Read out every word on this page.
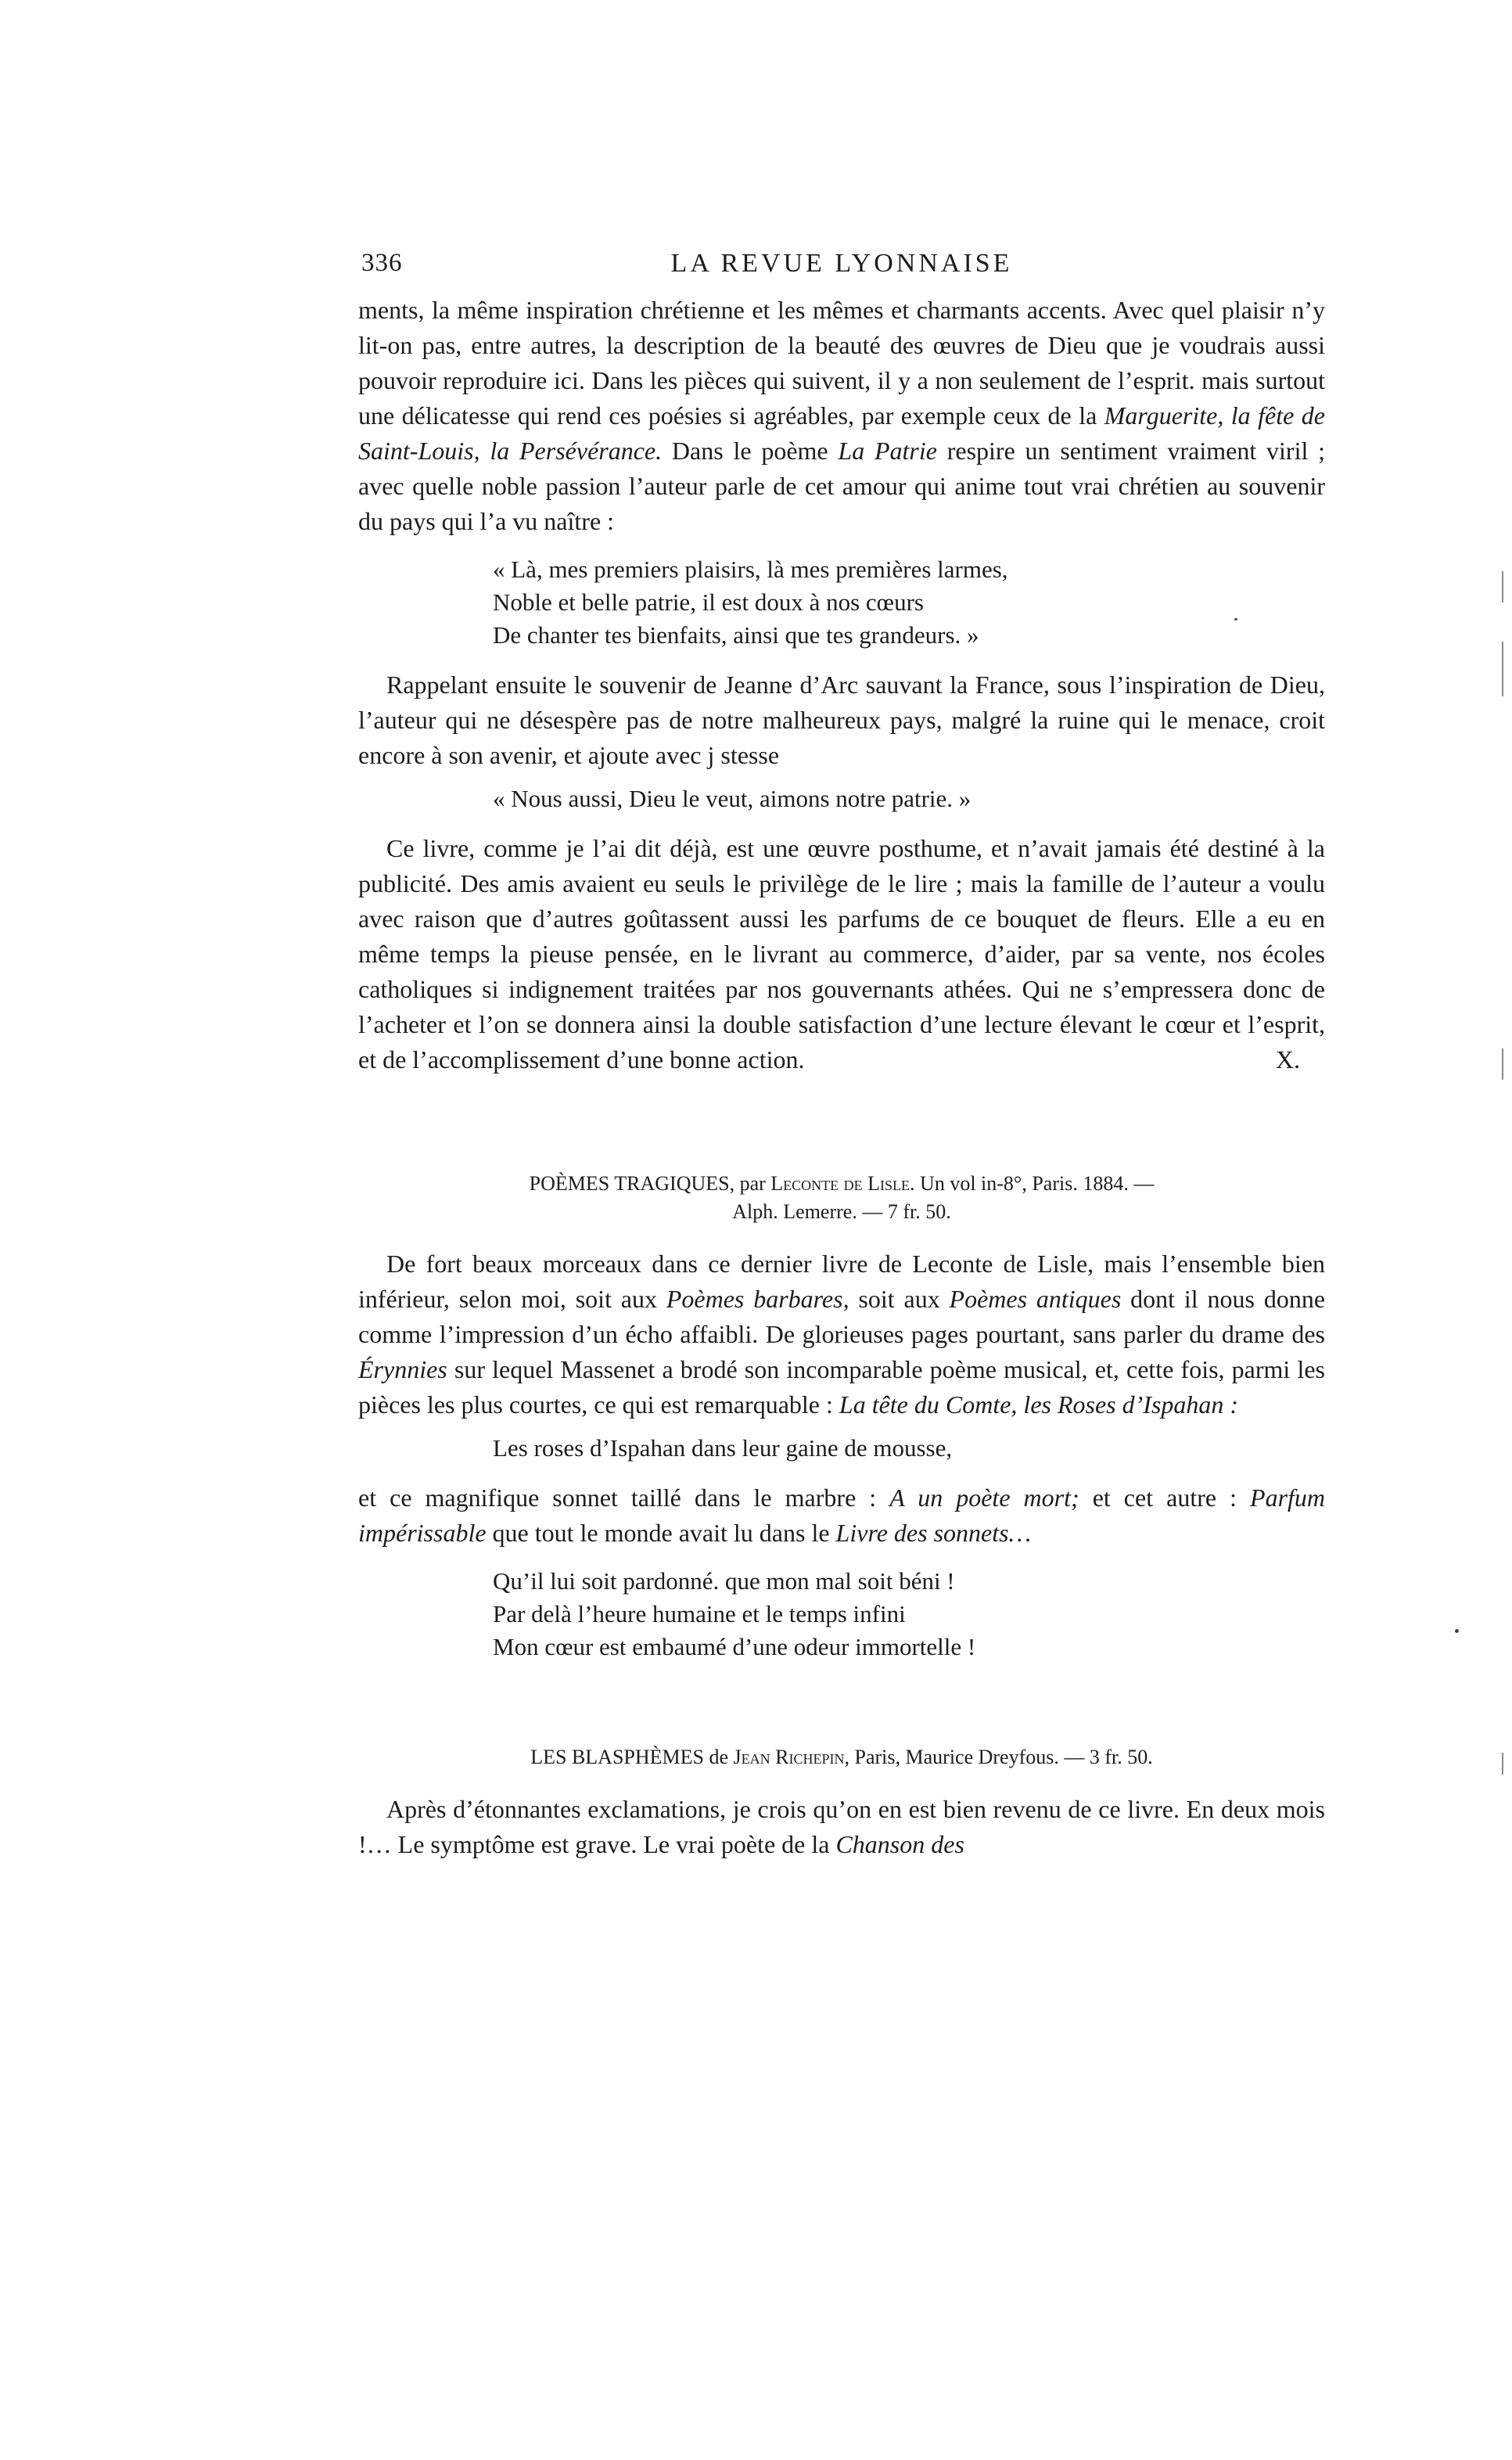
336	LA REVUE LYONNAISE

ments, la même inspiration chrétienne et les mêmes et charmants accents. Avec quel plaisir n’y lit-on pas, entre autres, la description de la beauté des œuvres de Dieu que je voudrais aussi pouvoir reproduire ici. Dans les pièces qui suivent, il y a non seulement de l’esprit. mais surtout une délicatesse qui rend ces poésies si agréables, par exemple ceux de la Marguerite, la fête de Saint-Louis, la Persévérance. Dans le poème La Patrie respire un sentiment vraiment viril ; avec quelle noble passion l’auteur parle de cet amour qui anime tout vrai chrétien au souvenir du pays qui l’a vu naître :

« Là, mes premiers plaisirs, là mes premières larmes,
Noble et belle patrie, il est doux à nos cœurs
De chanter tes bienfaits, ainsi que tes grandeurs. »

Rappelant ensuite le souvenir de Jeanne d’Arc sauvant la France, sous l’inspiration de Dieu, l’auteur qui ne désespère pas de notre malheureux pays, malgré la ruine qui le menace, croit encore à son avenir, et ajoute avec j stesse

« Nous aussi, Dieu le veut, aimons notre patrie. »

Ce livre, comme je l’ai dit déjà, est une œuvre posthume, et n’avait jamais été destiné à la publicité. Des amis avaient eu seuls le privilège de le lire ; mais la famille de l’auteur a voulu avec raison que d’autres goûtassent aussi les parfums de ce bouquet de fleurs. Elle a eu en même temps la pieuse pensée, en le livrant au commerce, d’aider, par sa vente, nos écoles catholiques si indignement traitées par nos gouvernants athées. Qui ne s’empressera donc de l’acheter et l’on se donnera ainsi la double satisfaction d’une lecture élevant le cœur et l’esprit, et de l’accomplissement d’une bonne action.	X.

POÈMES TRAGIQUES, par Leconte de Lisle. Un vol in-8°, Paris. 1884. —

Alph. Lemerre. — 7 fr. 50.

De fort beaux morceaux dans ce dernier livre de Leconte de Lisle, mais l’ensemble bien inférieur, selon moi, soit aux Poèmes barbares, soit aux Poèmes antiques dont il nous donne comme l’impression d’un écho affaibli. De glorieuses pages pourtant, sans parler du drame des Érynnies sur lequel Massenet a brodé son incomparable poème musical, et, cette fois, parmi les pièces les plus courtes, ce qui est remarquable : La tête du Comte, les Roses d’Ispahan :

Les roses d’Ispahan dans leur gaine de mousse,

et ce magnifique sonnet taillé dans le marbre : A un poète mort; et cet autre : Parfum impérissable que tout le monde avait lu dans le Livre des sonnets…

Qu’il lui soit pardonné. que mon mal soit béni !
Par delà l’heure humaine et le temps infini
Mon cœur est embaumé d’une odeur immortelle !

LES BLASPHÈMES de Jean Richepin, Paris, Maurice Dreyfous. — 3 fr. 50.

Après d’étonnantes exclamations, je crois qu’on en est bien revenu de ce livre. En deux mois !… Le symptôme est grave. Le vrai poète de la Chanson des
